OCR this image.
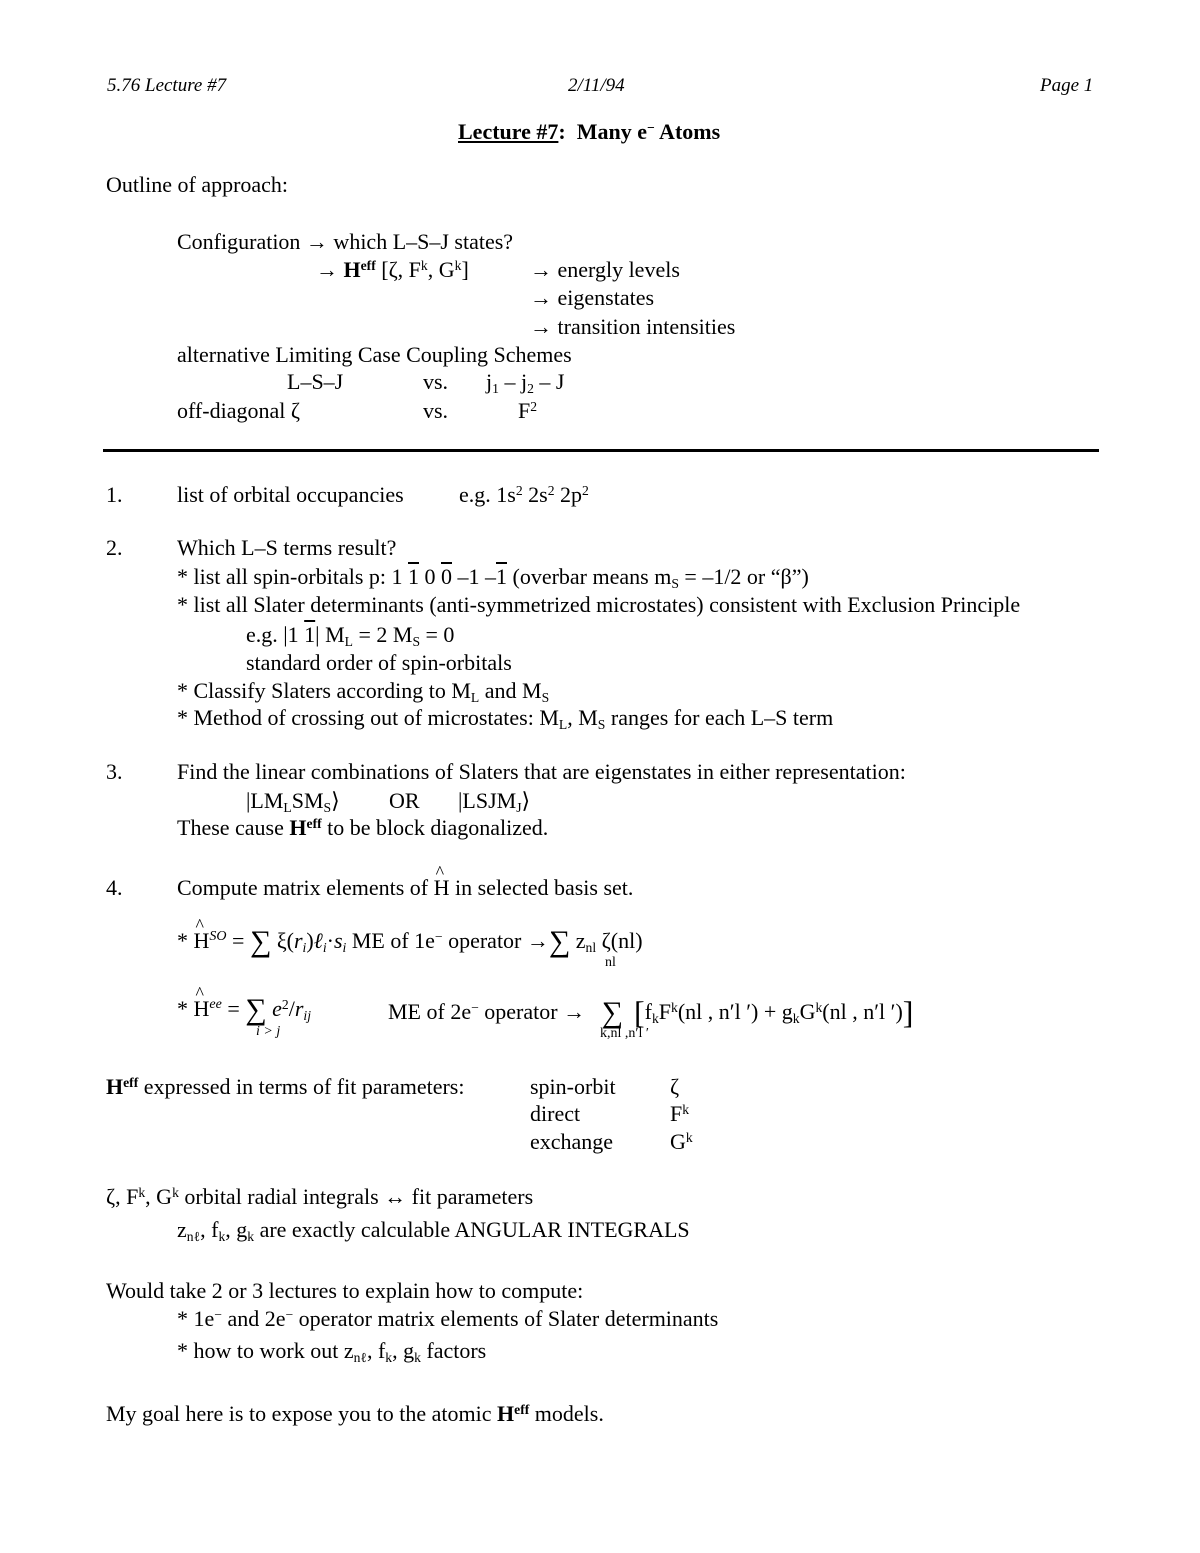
5.76 Lecture #7	2/11/94	Page 1
Lecture #7: Many e− Atoms
Outline of approach:
Configuration → which L–S–J states?
→ $H^{eff}$ [ζ, $F^k$, $G^k$]	→ energly levels
→ eigenstates
→ transition intensities
alternative Limiting Case Coupling Schemes
L–S–J	vs. $j_1 - j_2$ – J
off-diagonal ζ	vs.	$F^2$
1. list of orbital occupancies	e.g. $1s^2$ $2s^2$ $2p^2$
2. Which L–S terms result?
* list all spin-orbitals p: 1 1 0 0 –1 –1 (overbar means $m_S = -1/2$ or “β”)
* list all Slater determinants (anti-symmetrized microstates) consistent with Exclusion Principle
e.g. |1 1| $M_L = 2$ $M_S = 0$
standard order of spin-orbitals
* Classify Slaters according to $M_L$ and $M_S$
* Method of crossing out of microstates: $M_L$, $M_S$ ranges for each L–S term
3. Find the linear combinations of Slaters that are eigenstates in either representation:
$|LM_LSM_S⟩$ OR $|LSJM_J⟩$
These cause $H^{eff}$ to be block diagonalized.
4. Compute matrix elements of ^ H in selected basis set.
* ^ $H^{SO}$ = ∑ $\xi(r_i)\ell_i\cdot s_i$ ME of 1e− operator →∑ $z_{nl}$ ζ(nl)
nl
* ^ $H^{ee}$ = ∑ $e^2/r_{ij}$
i > j
ME of 2e− operator → ∑ [$f_kF^k(nl$ , n′l ′) + $g_kG^k(nl$ , n′l ′)]
k,nl ,n′l ′
$H^{eff}$ expressed in terms of fit parameters:	spin-orbit ζ
direct	$F^k$
exchange	$G^k$
ζ, $F^k$, $G^k$ orbital radial integrals ↔ fit parameters
$z_{n\ell}$, $f_k$, $g_k$ are exactly calculable ANGULAR INTEGRALS
Would take 2 or 3 lectures to explain how to compute:
* 1e− and 2e− operator matrix elements of Slater determinants
* how to work out $z_{n\ell}$, $f_k$, $g_k$ factors
My goal here is to expose you to the atomic $H^{eff}$ models.
